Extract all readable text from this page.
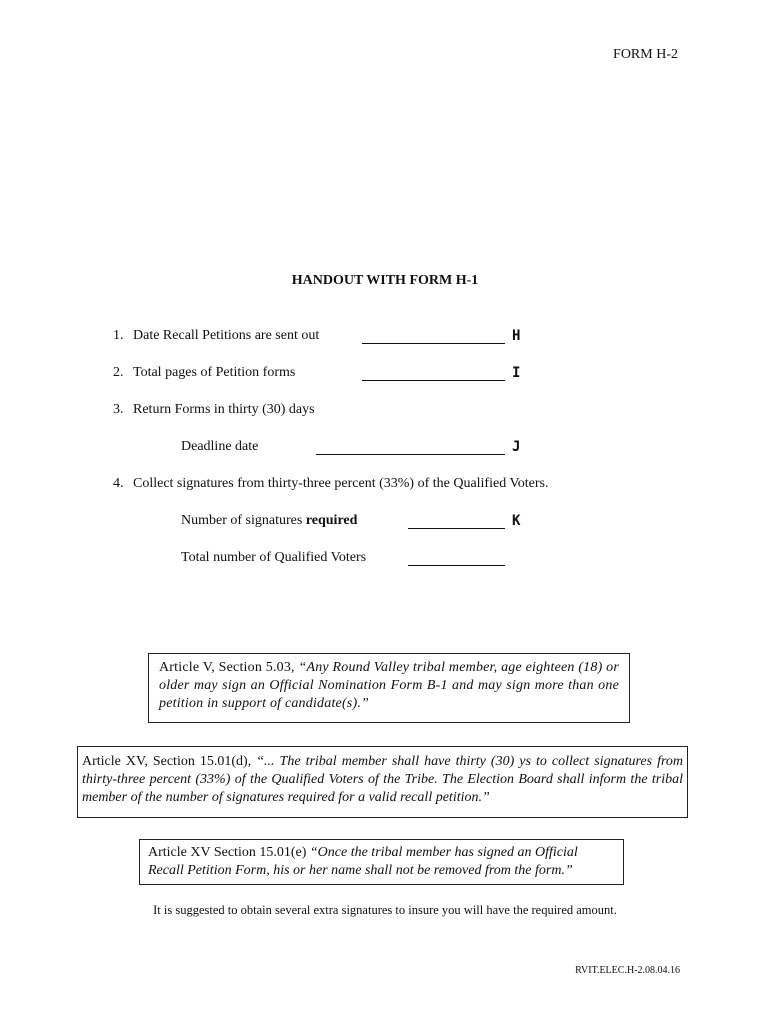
FORM H-2
HANDOUT WITH FORM H-1
1. Date Recall Petitions are sent out	H
2. Total pages of Petition forms	I
3. Return Forms in thirty (30) days
Deadline date	J
4. Collect signatures from thirty-three percent (33%) of the Qualified Voters.
Number of signatures required	K
Total number of Qualified Voters
Article V, Section 5.03, “Any Round Valley tribal member, age eighteen (18) or older may sign an Official Nomination Form B-1 and may sign more than one petition in support of candidate(s).”
Article XV, Section 15.01(d), “... The tribal member shall have thirty (30) ys to collect signatures from thirty-three percent (33%) of the Qualified Voters of the Tribe. The Election Board shall inform the tribal member of the number of signatures required for a valid recall petition.”
Article XV Section 15.01(e) “Once the tribal member has signed an Official Recall Petition Form, his or her name shall not be removed from the form.”
It is suggested to obtain several extra signatures to insure you will have the required amount.
RVIT.ELEC.H-2.08.04.16
